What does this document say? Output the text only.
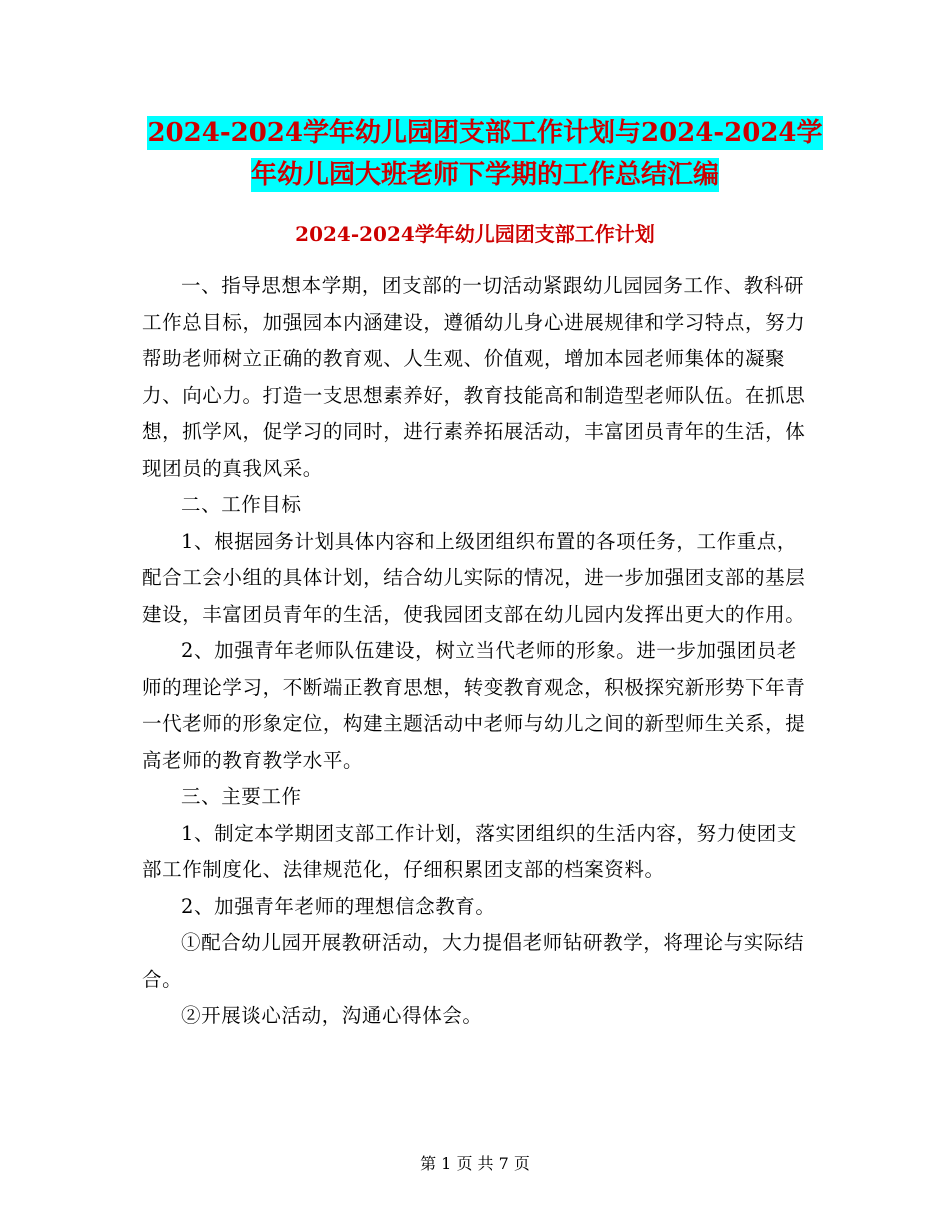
2024-2024学年幼儿园团支部工作计划与2024-2024学年幼儿园大班老师下学期的工作总结汇编
2024-2024学年幼儿园团支部工作计划

一、指导思想本学期，团支部的一切活动紧跟幼儿园园务工作、教科研工作总目标，加强园本内涵建设，遵循幼儿身心进展规律和学习特点，努力帮助老师树立正确的教育观、人生观、价值观，增加本园老师集体的凝聚力、向心力。打造一支思想素养好，教育技能高和制造型老师队伍。在抓思想，抓学风，促学习的同时，进行素养拓展活动，丰富团员青年的生活，体现团员的真我风采。

二、工作目标

1、根据园务计划具体内容和上级团组织布置的各项任务，工作重点，配合工会小组的具体计划，结合幼儿实际的情况，进一步加强团支部的基层建设，丰富团员青年的生活，使我园团支部在幼儿园内发挥出更大的作用。

2、加强青年老师队伍建设，树立当代老师的形象。进一步加强团员老师的理论学习，不断端正教育思想，转变教育观念，积极探究新形势下年青一代老师的形象定位，构建主题活动中老师与幼儿之间的新型师生关系，提高老师的教育教学水平。

三、主要工作

1、制定本学期团支部工作计划，落实团组织的生活内容，努力使团支部工作制度化、法律规范化，仔细积累团支部的档案资料。

2、加强青年老师的理想信念教育。

①配合幼儿园开展教研活动，大力提倡老师钻研教学，将理论与实际结合。

②开展谈心活动，沟通心得体会。

第 1 页 共 7 页
